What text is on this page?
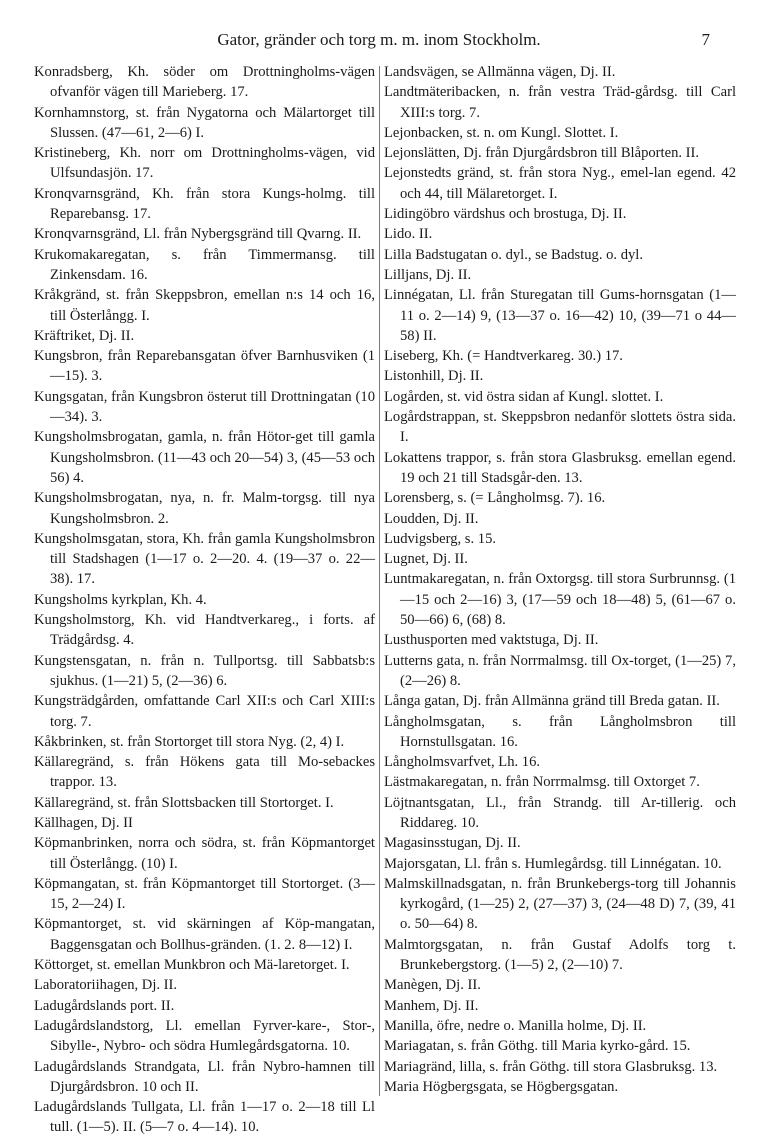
Gator, gränder och torg m. m. inom Stockholm.	7

Konradsberg, Kh. söder om Drottningholms-vägen ofvanför vägen till Marieberg. 17.

Kornhamnstorg, st. från Nygatorna och Mälartorget till Slussen. (47—61, 2—6) I.

Kristineberg, Kh. norr om Drottningholms-vägen, vid Ulfsundasjön. 17.

Kronqvarnsgränd, Kh. från stora Kungs-holmg. till Reparebansg. 17.

Kronqvarnsgränd, Ll. från Nybergsgränd till Qvarng. II.

Krukomakaregatan, s. från Timmermansg. till Zinkensdam. 16.

Kråkgränd, st. från Skeppsbron, emellan n:s 14 och 16, till Österlångg. I.

Kräftriket, Dj. II.

Kungsbron, från Reparebansgatan öfver Barnhusviken (1—15). 3.

Kungsgatan, från Kungsbron österut till Drottningatan (10—34). 3.

Kungsholmsbrogatan, gamla, n. från Hötor-get till gamla Kungsholmsbron. (11—43 och 20—54) 3, (45—53 och 56) 4.

Kungsholmsbrogatan, nya, n. fr. Malm-torgsg. till nya Kungsholmsbron. 2.

Kungsholmsgatan, stora, Kh. från gamla Kungsholmsbron till Stadshagen (1—17 o. 2—20. 4. (19—37 o. 22—38). 17.

Kungsholms kyrkplan, Kh. 4.

Kungsholmstorg, Kh. vid Handtverkareg., i forts. af Trädgårdsg. 4.

Kungstensgatan, n. från n. Tullportsg. till Sabbatsb:s sjukhus. (1—21) 5, (2—36) 6.

Kungsträdgården, omfattande Carl XII:s och Carl XIII:s torg. 7.

Kåkbrinken, st. från Stortorget till stora Nyg. (2, 4) I.

Källaregränd, s. från Hökens gata till Mo-sebackes trappor. 13.

Källaregränd, st. från Slottsbacken till Stortorget. I.

Källhagen, Dj. II

Köpmanbrinken, norra och södra, st. från Köpmantorget till Österlångg. (10) I.

Köpmangatan, st. från Köpmantorget till Stortorget. (3—15, 2—24) I.

Köpmantorget, st. vid skärningen af Köp-mangatan, Baggensgatan och Bollhus-gränden. (1. 2. 8—12) I.

Köttorget, st. emellan Munkbron och Mä-laretorget. I.

Laboratoriihagen, Dj. II.

Ladugårdslands port. II.

Ladugårdslandstorg, Ll. emellan Fyrver-kare-, Stor-, Sibylle-, Nybro- och södra Humlegårdsgatorna. 10.

Ladugårdslands Strandgata, Ll. från Nybro-hamnen till Djurgårdsbron. 10 och II.

Ladugårdslands Tullgata, Ll. från 1—17 o. 2—18 till Ll tull. (1—5). II. (5—7 o. 4—14). 10.

Landsvägen, se Allmänna vägen, Dj. II.

Landtmäteribacken, n. från vestra Träd-gårdsg. till Carl XIII:s torg. 7.

Lejonbacken, st. n. om Kungl. Slottet. I.

Lejonslätten, Dj. från Djurgårdsbron till Blåporten. II.

Lejonstedts gränd, st. från stora Nyg., emel-lan egend. 42 och 44, till Mälaretorget. I.

Lidingöbro värdshus och brostuga, Dj. II.

Lido. II.

Lilla Badstugatan o. dyl., se Badstug. o. dyl.

Lilljans, Dj. II.

Linnégatan, Ll. från Sturegatan till Gums-hornsgatan (1—11 o. 2—14) 9, (13—37 o. 16—42) 10, (39—71 o 44—58) II.

Liseberg, Kh. (= Handtverkareg. 30.) 17.

Listonhill, Dj. II.

Logården, st. vid östra sidan af Kungl. slottet. I.

Logårdstrappan, st. Skeppsbron nedanför slottets östra sida. I.

Lokattens trappor, s. från stora Glasbruksg. emellan egend. 19 och 21 till Stadsgår-den. 13.

Lorensberg, s. (= Långholmsg. 7). 16.

Loudden, Dj. II.

Ludvigsberg, s. 15.

Lugnet, Dj. II.

Luntmakaregatan, n. från Oxtorgsg. till stora Surbrunnsg. (1—15 och 2—16) 3, (17—59 och 18—48) 5, (61—67 o. 50—66) 6, (68) 8.

Lusthusporten med vaktstuga, Dj. II.

Lutterns gata, n. från Norrmalmsg. till Ox-torget, (1—25) 7, (2—26) 8.

Långa gatan, Dj. från Allmänna gränd till Breda gatan. II.

Långholmsgatan, s. från Långholmsbron till Hornstullsgatan. 16.

Långholmsvarfvet, Lh. 16.

Lästmakaregatan, n. från Norrmalmsg. till Oxtorget 7.

Löjtnantsgatan, Ll., från Strandg. till Ar-tillerig. och Riddareg. 10.

Magasinsstugan, Dj. II.

Majorsgatan, Ll. från s. Humlegårdsg. till Linnégatan. 10.

Malmskillnadsgatan, n. från Brunkebergs-torg till Johannis kyrkogård, (1—25) 2, (27—37) 3, (24—48 D) 7, (39, 41 o. 50—64) 8.

Malmtorgsgatan, n. från Gustaf Adolfs torg t. Brunkebergstorg. (1—5) 2, (2—10) 7.

Manègen, Dj. II.

Manhem, Dj. II.

Manilla, öfre, nedre o. Manilla holme, Dj. II.

Mariagatan, s. från Göthg. till Maria kyrko-gård. 15.

Mariagränd, lilla, s. från Göthg. till stora Glasbruksg. 13.

Maria Högbergsgata, se Högbergsgatan.
